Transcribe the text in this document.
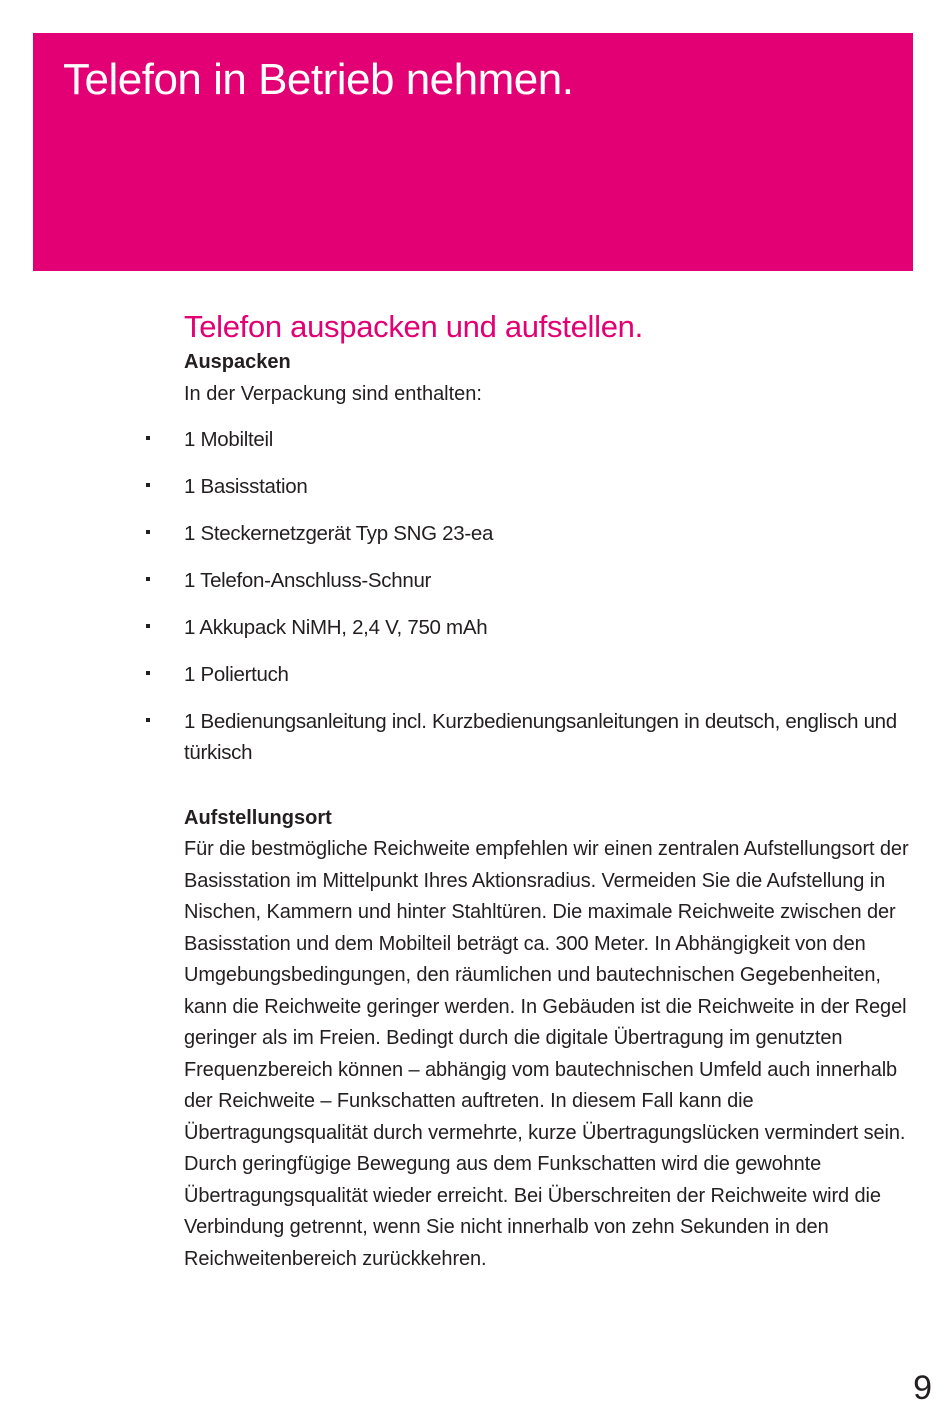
Telefon in Betrieb nehmen.
Telefon auspacken und aufstellen.
Auspacken

In der Verpackung sind enthalten:

1 Mobilteil
1 Basisstation
1 Steckernetzgerät Typ SNG 23-ea
1 Telefon-Anschluss-Schnur
1 Akkupack NiMH, 2,4 V, 750 mAh
1 Poliertuch
1 Bedienungsanleitung incl. Kurzbedienungsanleitungen in deutsch, englisch und türkisch
Aufstellungsort

Für die bestmögliche Reichweite empfehlen wir einen zentralen Aufstellungsort der Basisstation im Mittelpunkt Ihres Aktionsradius. Vermeiden Sie die Aufstellung in Nischen, Kammern und hinter Stahltüren. Die maximale Reichweite zwischen der Basisstation und dem Mobilteil beträgt ca. 300 Meter. In Abhängigkeit von den Umgebungsbedingungen, den räumlichen und bautechnischen Gegebenheiten, kann die Reichweite geringer werden. In Gebäuden ist die Reichweite in der Regel geringer als im Freien. Bedingt durch die digitale Übertragung im genutzten Frequenzbereich können – abhängig vom bautechnischen Umfeld auch innerhalb der Reichweite – Funkschatten auftreten. In diesem Fall kann die Übertragungsqualität durch vermehrte, kurze Übertragungslücken vermindert sein. Durch geringfügige Bewegung aus dem Funkschatten wird die gewohnte Übertragungsqualität wieder erreicht. Bei Überschreiten der Reichweite wird die Verbindung getrennt, wenn Sie nicht innerhalb von zehn Sekunden in den Reichweitenbereich zurückkehren.

9
